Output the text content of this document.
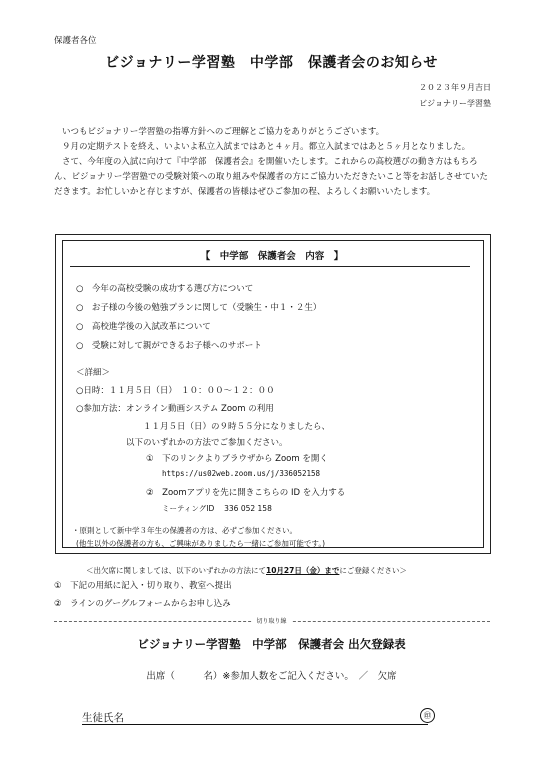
保護者各位
ビジョナリー学習塾　中学部　保護者会のお知らせ
２０２３年９月吉日
ビジョナリー学習塾

いつもビジョナリー学習塾の指導方針へのご理解とご協力をありがとうございます。

９月の定期テストを終え、いよいよ私立入試まではあと４ヶ月。都立入試まではあと５ヶ月となりました。

さて、今年度の入試に向けて『中学部　保護者会』を開催いたします。これからの高校選びの動き方はもちろん、ビジョナリー学習塾での受験対策への取り組みや保護者の方にご協力いただきたいこと等をお話しさせていただきます。お忙しいかと存じますが、保護者の皆様はぜひご参加の程、よろしくお願いいたします。

【　中学部　保護者会　内容　】
○　今年の高校受験の成功する選び方について
○　お子様の今後の勉強プランに関して（受験生・中１・２生）
○　高校進学後の入試改革について
○　受験に対して親ができるお子様へのサポート
＜詳細＞
○日時：１１月５日（日）　１０：００～１２：００
○参加方法：オンライン動画システム Zoom の利用
１１月５日（日）の９時５５分になりましたら、
以下のいずれかの方法でご参加ください。
①　下のリンクよりブラウザから Zoom を開く
https://us02web.zoom.us/j/336052158
②　Zoomアプリを先に開きこちらの ID を入力する
ミーティングID　 336 052 158
・原則として新中学３年生の保護者の方は、必ずご参加ください。
(他生以外の保護者の方も、ご興味がありましたら一緒にご参加可能です。)
＜出欠席に関しましては、以下のいずれかの方法にて10月27日（金）までにご登録ください＞
①　下記の用紙に記入・切り取り、教室へ提出
②　ラインのグーグルフォームからお申し込み
切り取り線
ビジョナリー学習塾　中学部　保護者会 出欠登録表
出席（　　　名）※参加人数をご記入ください。　／　欠席
生徒氏名	㊞
